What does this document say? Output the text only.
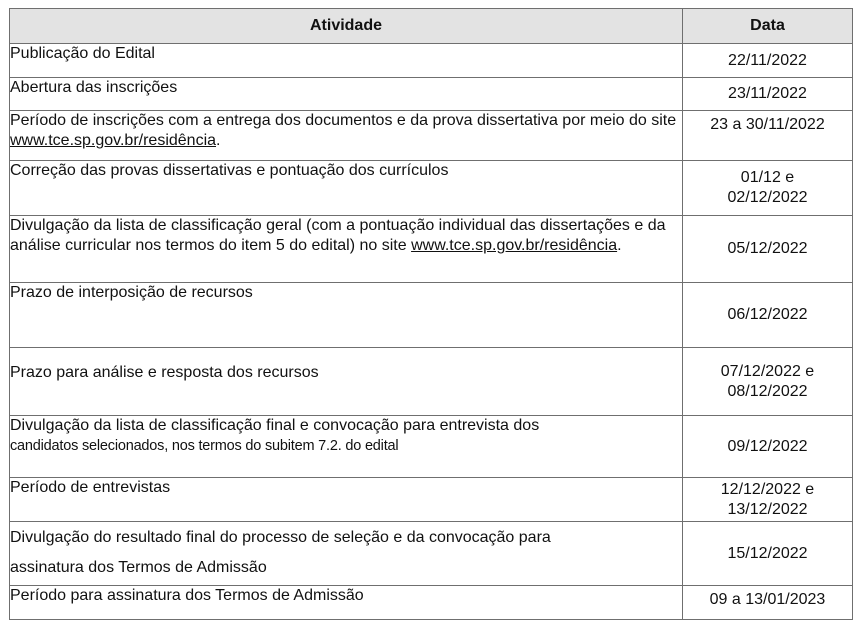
Atividade	Data
Publicação do Edital	22/11/2022
Abertura das inscrições	23/11/2022
Período de inscrições com a entrega dos documentos e da prova dissertativa por meio do site www.tce.sp.gov.br/residência.	23 a 30/11/2022
Correção das provas dissertativas e pontuação dos currículos	01/12 e
02/12/2022

Divulgação da lista de classificação geral (com a pontuação individual das dissertações e da análise curricular nos termos do item 5 do edital) no site www.tce.sp.gov.br/residência.	05/12/2022
Prazo de interposição de recursos	06/12/2022
Prazo para análise e resposta dos recursos	07/12/2022 e
08/12/2022

Divulgação da lista de classificação final e convocação para entrevista dos
candidatos selecionados, nos termos do subitem 7.2. do edital	09/12/2022
Período de entrevistas	12/12/2022 e
13/12/2022

Divulgação do resultado final do processo de seleção e da convocação para
assinatura dos Termos de Admissão	15/12/2022
Período para assinatura dos Termos de Admissão	09 a 13/01/2023
